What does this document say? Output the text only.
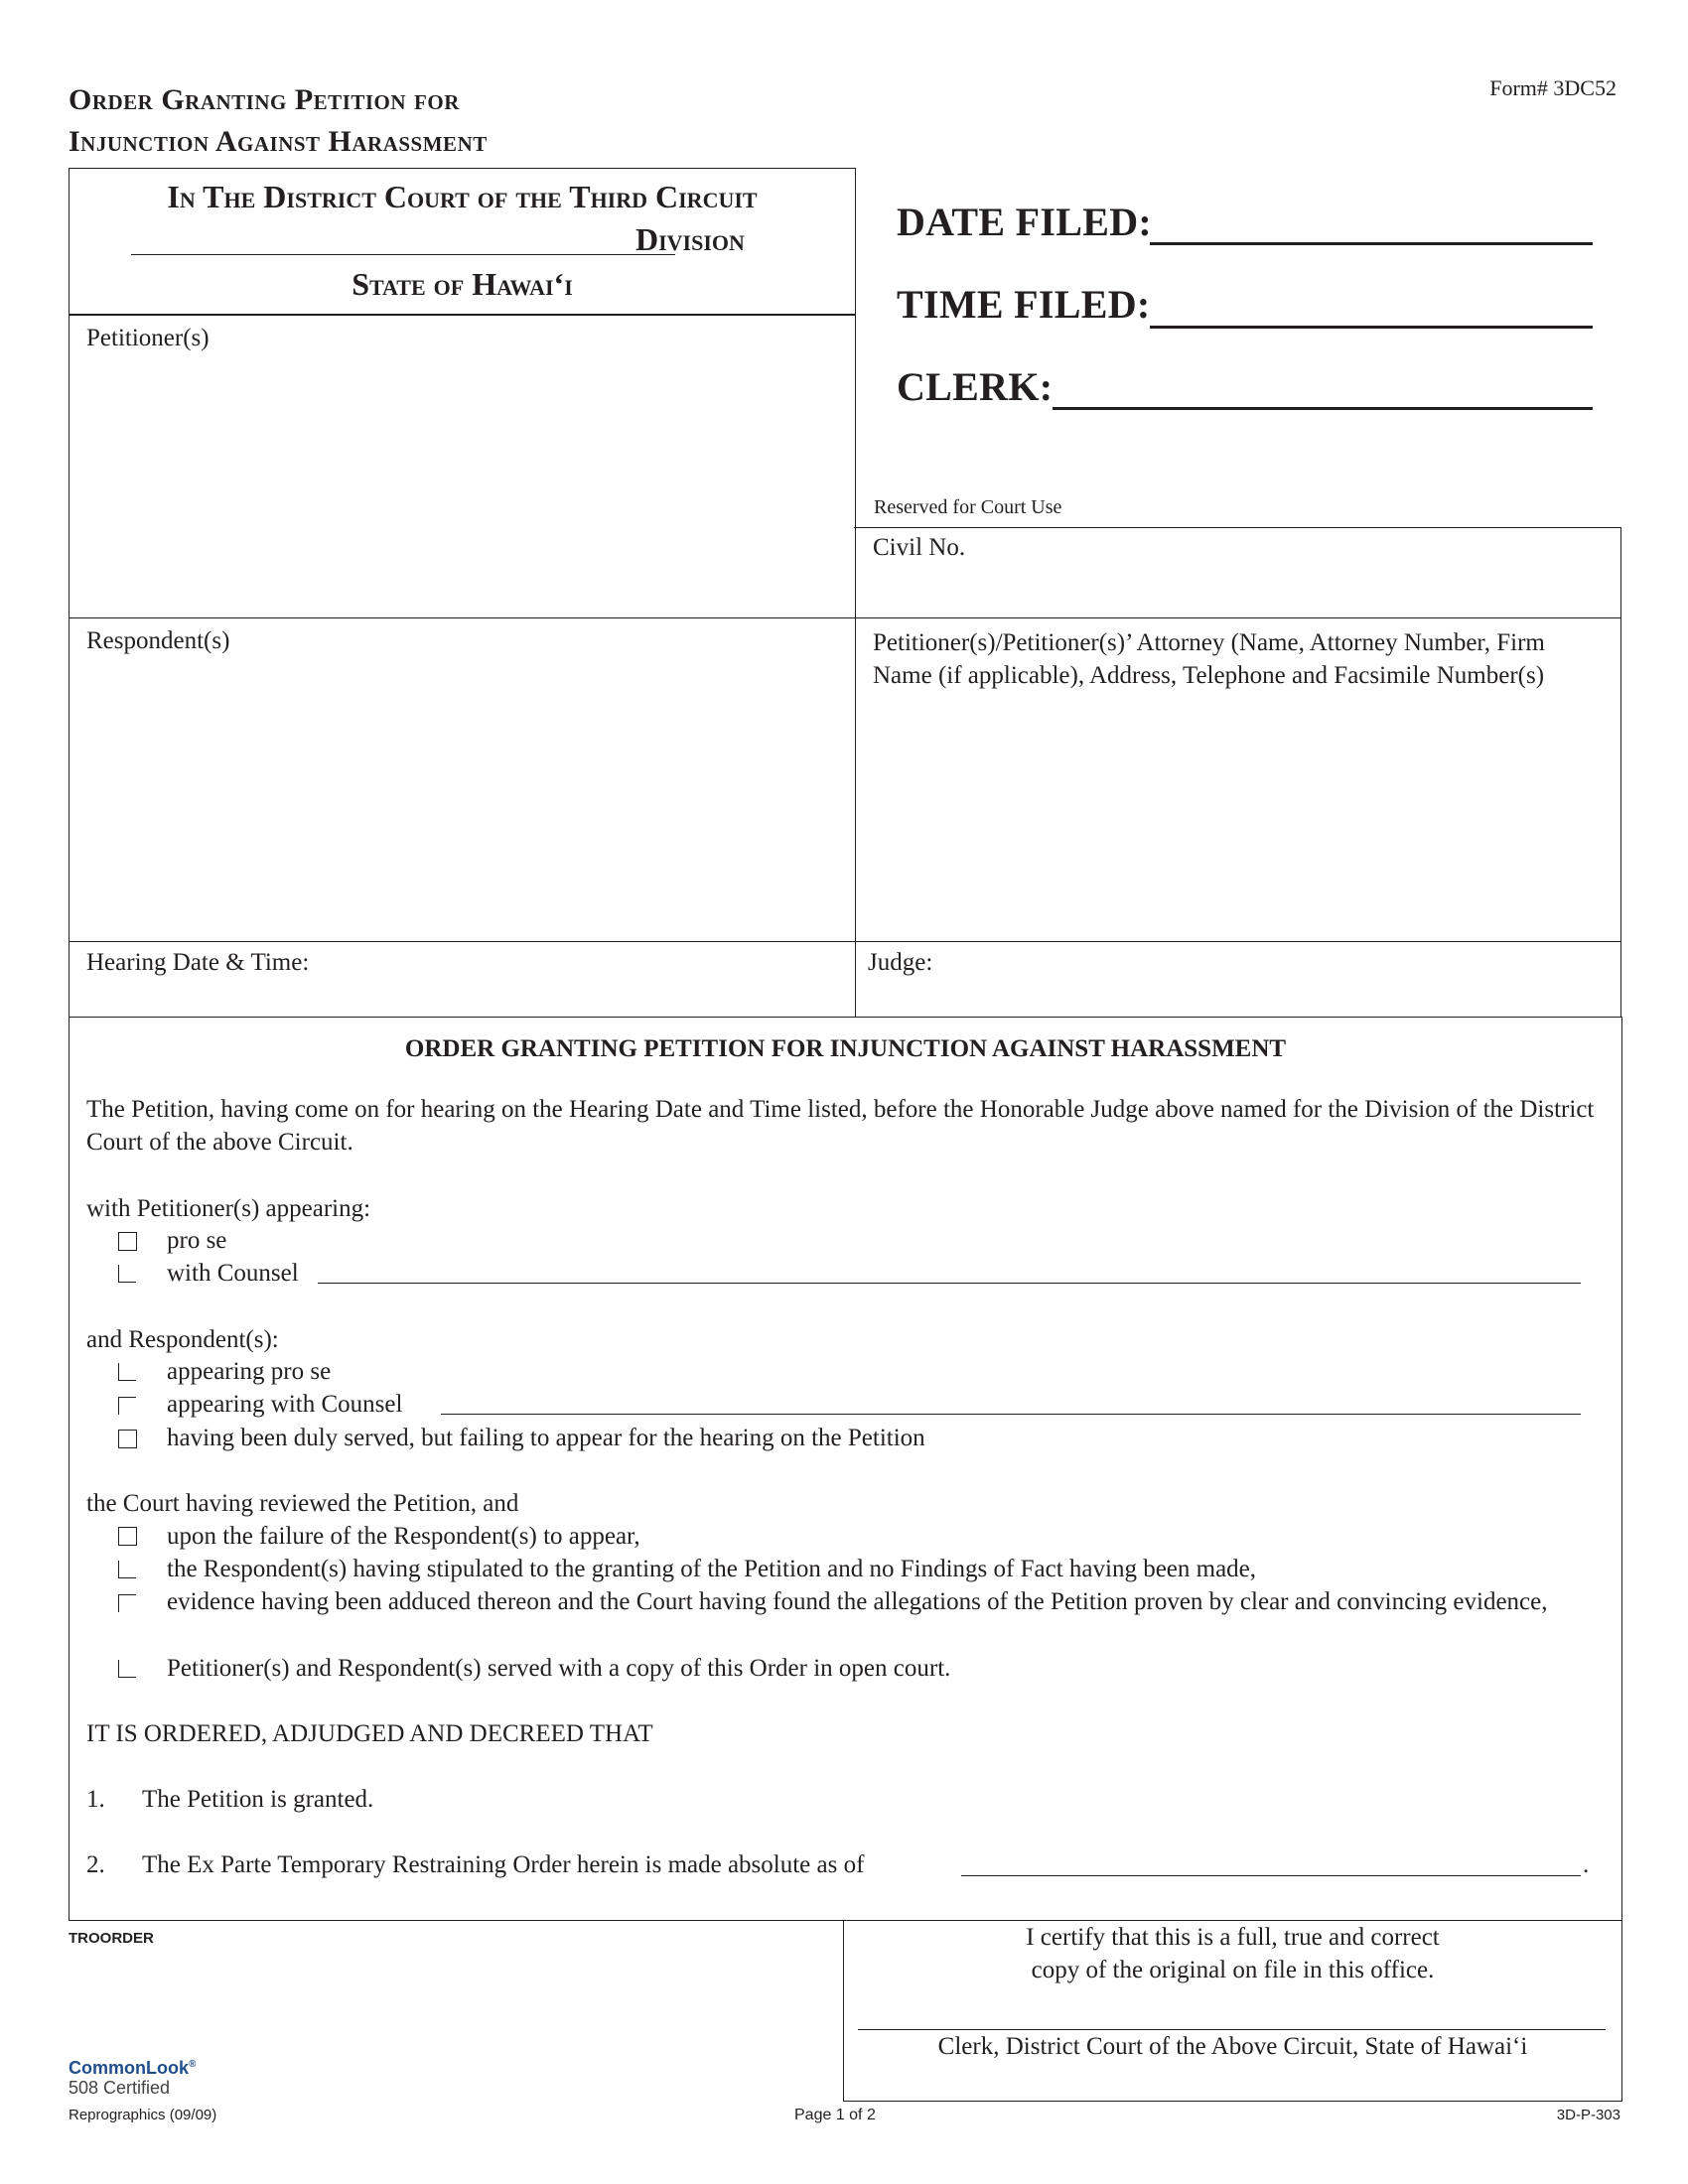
Order Granting Petition for
Injunction Against Harassment
Form# 3DC52
In The District Court of the Third Circuit
Division
State of Hawaiʻi
Petitioner(s)
Respondent(s)
Hearing Date & Time:
DATE FILED:
TIME FILED:
CLERK:
Reserved for Court Use
Civil No.
Petitioner(s)/Petitioner(s)’ Attorney (Name, Attorney Number, Firm Name (if applicable), Address, Telephone and Facsimile Number(s)
Judge:
ORDER GRANTING PETITION FOR INJUNCTION AGAINST HARASSMENT
The Petition, having come on for hearing on the Hearing Date and Time listed, before the Honorable Judge above named for the Division of the District Court of the above Circuit.
with Petitioner(s) appearing:
pro se
with Counsel
and Respondent(s):
appearing pro se
appearing with Counsel
having been duly served, but failing to appear for the hearing on the Petition
the Court having reviewed the Petition, and
upon the failure of the Respondent(s) to appear,
the Respondent(s) having stipulated to the granting of the Petition and no Findings of Fact having been made,
evidence having been adduced thereon and the Court having found the allegations of the Petition proven by clear and convincing evidence,
Petitioner(s) and Respondent(s) served with a copy of this Order in open court.
IT IS ORDERED, ADJUDGED AND DECREED THAT
1. The Petition is granted.
2. The Ex Parte Temporary Restraining Order herein is made absolute as of	.
TROORDER	I certify that this is a full, true and correct
copy of the original on file in this office.
Clerk, District Court of the Above Circuit, State of Hawaiʻi
CommonLook®
508 Certified
Reprographics (09/09)	Page 1 of 2	3D-P-303
